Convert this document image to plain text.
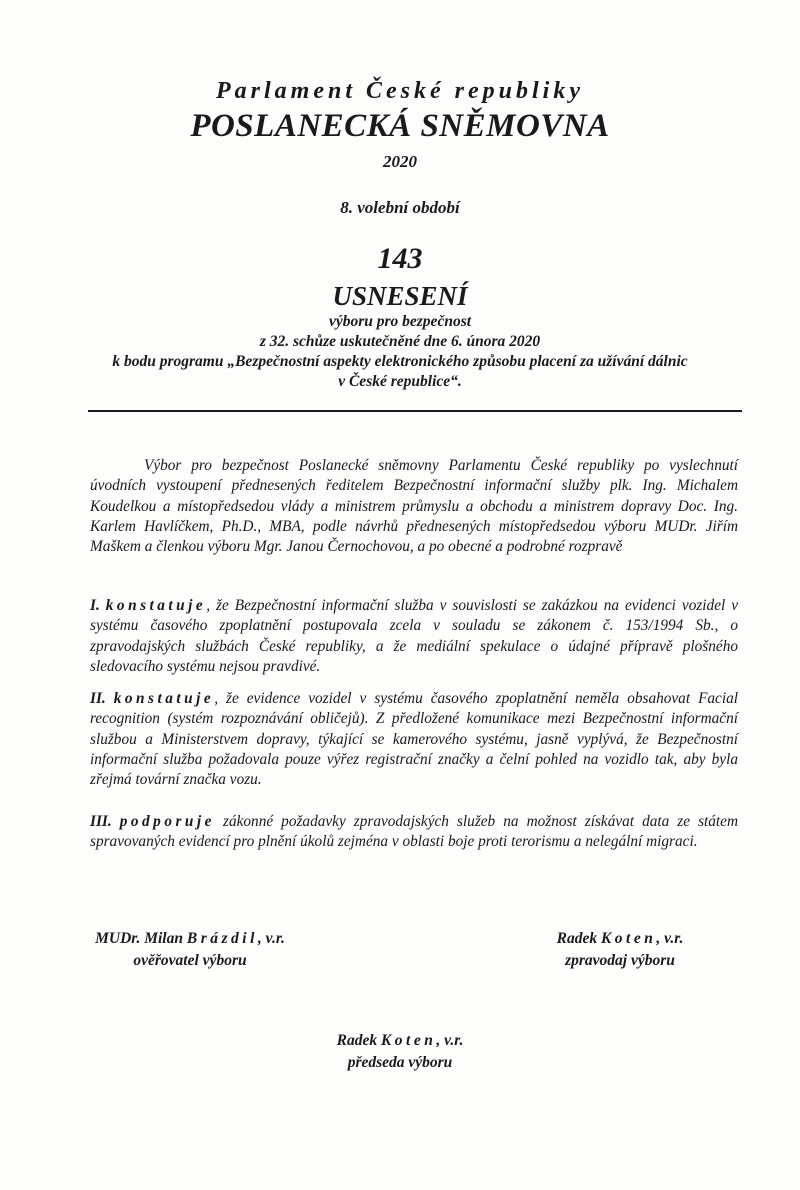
Parlament České republiky
POSLANECKÁ SNĚMOVNA
2020
8. volební období
143
USNESENÍ
výboru pro bezpečnost
z 32. schůze uskutečněné dne 6. února 2020
k bodu programu „Bezpečnostní aspekty elektronického způsobu placení za užívání dálnic
v České republice“.
Výbor pro bezpečnost Poslanecké sněmovny Parlamentu České republiky po vyslechnutí úvodních vystoupení přednesených ředitelem Bezpečnostní informační služby plk. Ing. Michalem Koudelkou a místopředsedou vlády a ministrem průmyslu a obchodu a ministrem dopravy Doc. Ing. Karlem Havlíčkem, Ph.D., MBA, podle návrhů přednesených místopředsedou výboru MUDr. Jiřím Maškem a členkou výboru Mgr. Janou Černochovou, a po obecné a podrobné rozpravě
I. konstatuje, že Bezpečnostní informační služba v souvislosti se zakázkou na evidenci vozidel v systému časového zpoplatnění postupovala zcela v souladu se zákonem č. 153/1994 Sb., o zpravodajských službách České republiky, a že mediální spekulace o údajné přípravě plošného sledovacího systému nejsou pravdivé.
II. konstatuje, že evidence vozidel v systému časového zpoplatnění neměla obsahovat Facial recognition (systém rozpoznávání obličejů). Z předložené komunikace mezi Bezpečnostní informační službou a Ministerstvem dopravy, týkající se kamerového systému, jasně vyplývá, že Bezpečnostní informační služba požadovala pouze výřez registrační značky a čelní pohled na vozidlo tak, aby byla zřejmá tovární značka vozu.
III. podporuje zákonné požadavky zpravodajských služeb na možnost získávat data ze státem spravovaných evidencí pro plnění úkolů zejména v oblasti boje proti terorismu a nelegální migraci.
MUDr. Milan Brázdil, v.r.
ověřovatel výboru
Radek Koten, v.r.
zpravodaj výboru
Radek Koten, v.r.
předseda výboru
